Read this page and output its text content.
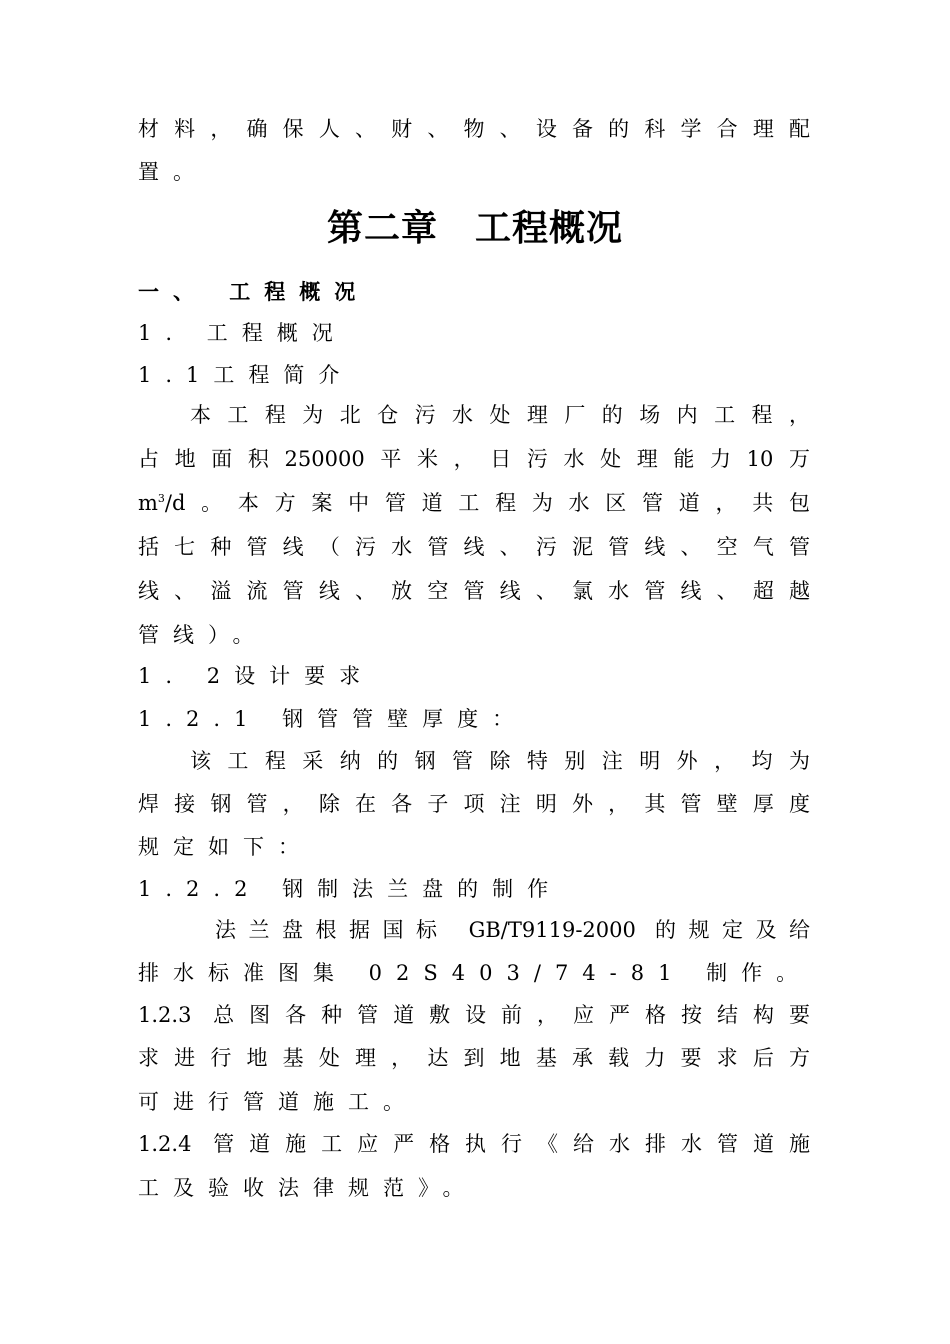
材料，确保人、财、物、设备的科学合理配
置。
第二章　工程概况
一、 工程概况
1. 工程概况
1.1工程简介
本工程为北仓污水处理厂的场内工程，
占地面积250000平米，日污水处理能力10万
$m^3/d$。本方案中管道工程为水区管道，共包
括七种管线（污水管线、污泥管线、空气管
线、溢流管线、放空管线、氯水管线、超越
管线）。
1. 2设计要求
1.2.1 钢管管壁厚度：
该工程采纳的钢管除特别注明外，均为
焊接钢管，除在各子项注明外，其管壁厚度
规定如下：
1.2.2 钢制法兰盘的制作
法兰盘根据国标 GB/T9119-2000 的规定及给
排水标准图集 02S403/74-81 制作。
1.2.3 总图各种管道敷设前，应严格按结构要
求进行地基处理，达到地基承载力要求后方
可进行管道施工。
1.2.4 管道施工应严格执行《给水排水管道施
工及验收法律规范》。
